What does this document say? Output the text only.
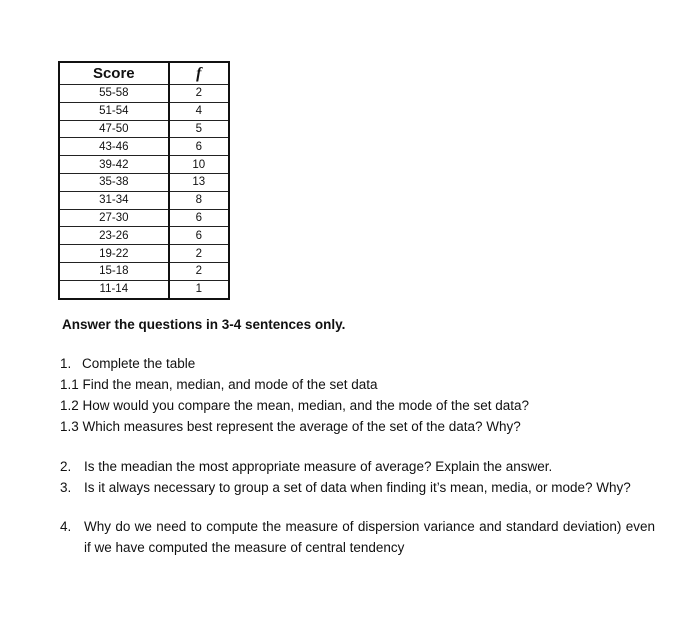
Score	f
55-58	2
51-54	4
47-50	5
43-46	6
39-42	10
35-38	13
31-34	8
27-30	6
23-26	6
19-22	2
15-18	2
11-14	1
Answer the questions in 3-4 sentences only.
1. Complete the table
1.1 Find the mean, median, and mode of the set data
1.2 How would you compare the mean, median, and the mode of the set data?
1.3 Which measures best represent the average of the set of the data? Why?
2. Is the meadian the most appropriate measure of average? Explain the answer.
3. Is it always necessary to group a set of data when finding it’s mean, media, or mode? Why?
4. Why do we need to compute the measure of dispersion variance and standard deviation) even if we have computed the measure of central tendency
